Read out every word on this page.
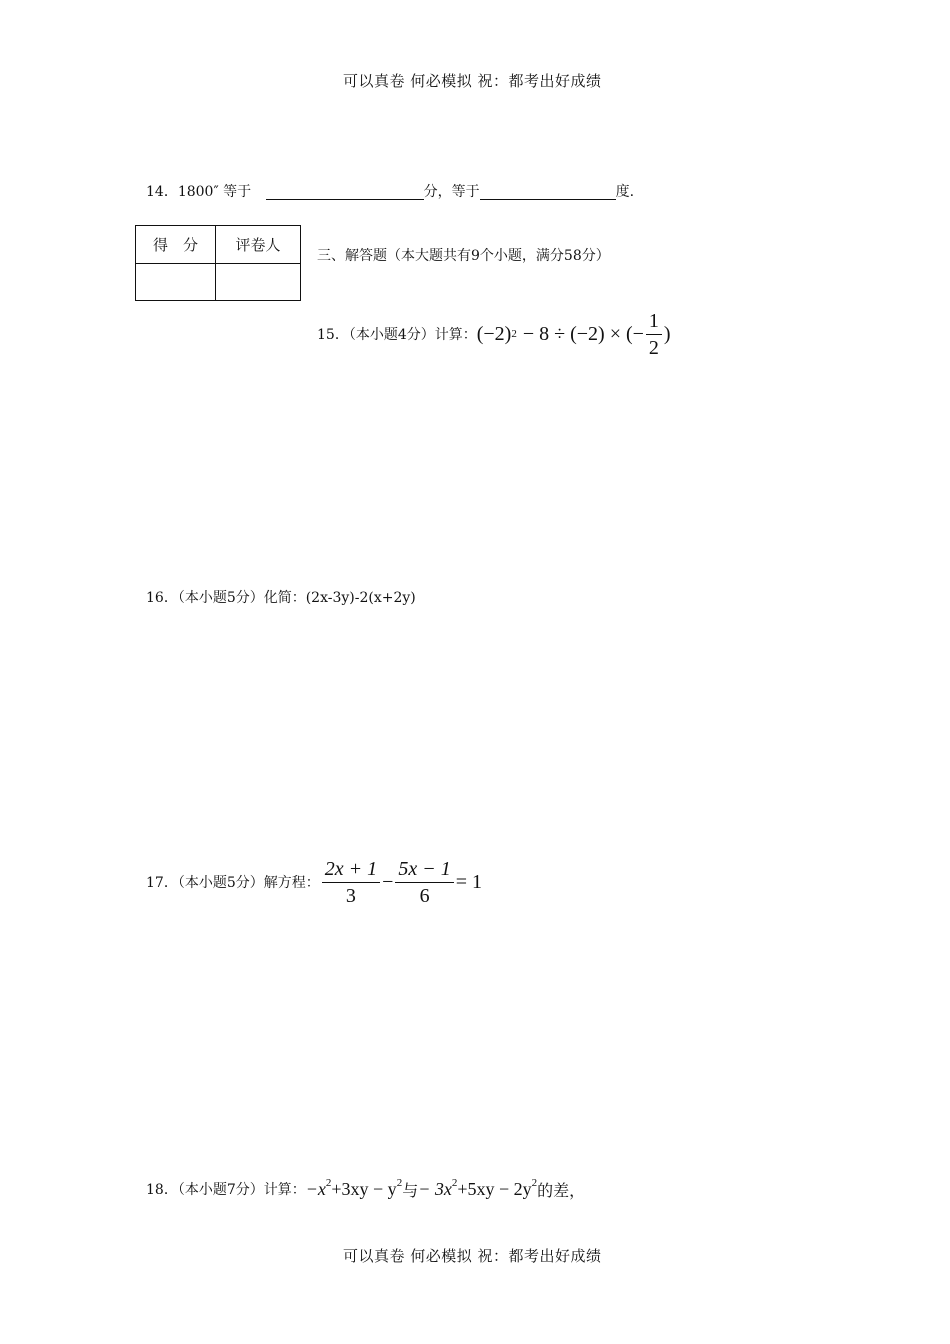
可以真卷 何必模拟 祝：都考出好成绩
14．1800″ 等于	分，等于	度.
得　分	评卷人

三、解答题（本大题共有9个小题，满分58分）
15．（本小题4分）计算： (−2) 2 − 8 ÷ (−2) × (− $\frac{1}{2}$ )
16．（本小题5分）化简：(2x-3y)-2(x+2y)
17．（本小题5分）解方程： $\frac{2x + 1}{3} - \frac{5x - 1}{6} = 1$
18．（本小题7分）计算： $-x^2+3xy - y^2$ 与 − $3x^2+5xy - 2y^2$ 的差，
可以真卷 何必模拟 祝：都考出好成绩
